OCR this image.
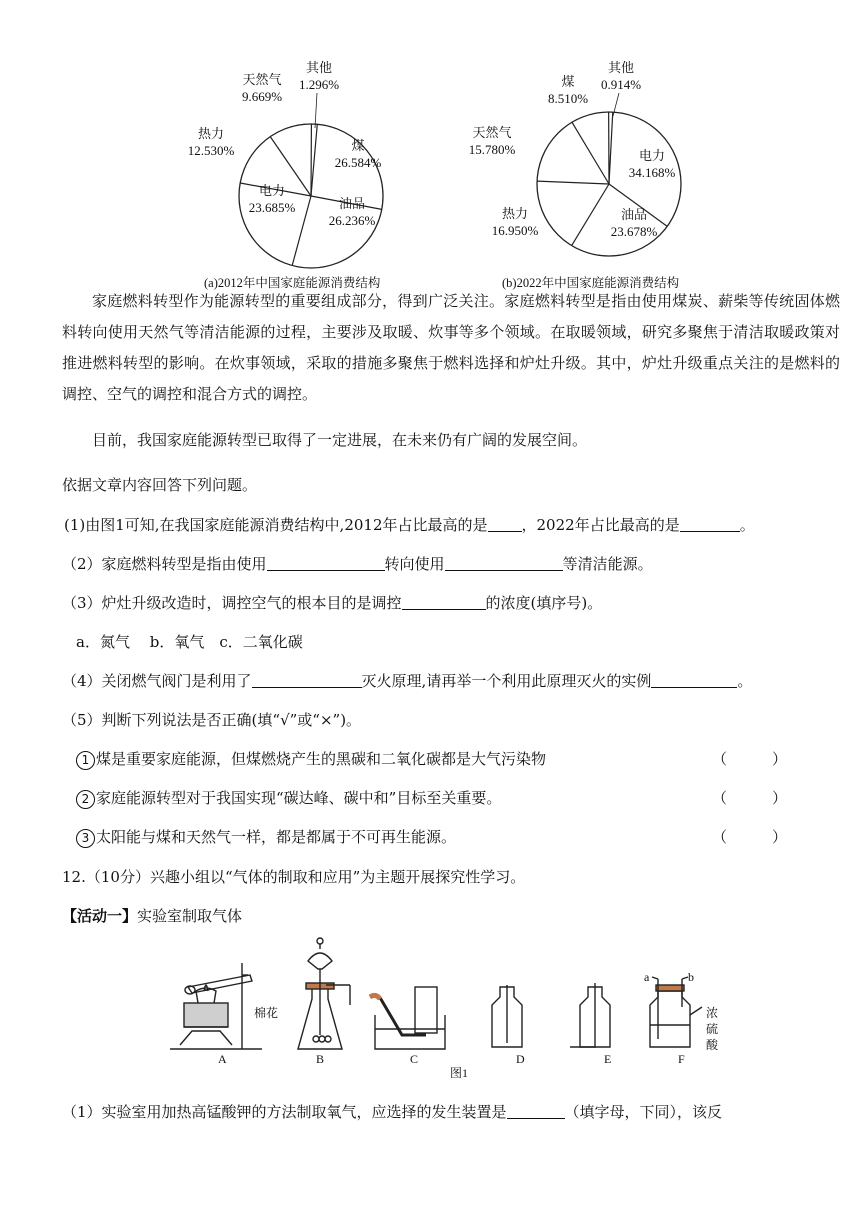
煤
26.584%
油品
26.236%
电力
23.685%
热力
12.530%
天然气
9.669%
其他
1.296%
电力
34.168%
油品
23.678%
热力
16.950%
天然气
15.780%
煤
8.510%
其他
0.914%
(a)2012年中国家庭能源消费结构	(b)2022年中国家庭能源消费结构
家庭燃料转型作为能源转型的重要组成部分，得到广泛关注。家庭燃料转型是指由使用煤炭、薪柴等传统固体燃料转向使用天然气等清洁能源的过程，主要涉及取暖、炊事等多个领域。在取暖领域，研究多聚焦于清洁取暖政策对推进燃料转型的影响。在炊事领域，采取的措施多聚焦于燃料选择和炉灶升级。其中，炉灶升级重点关注的是燃料的调控、空气的调控和混合方式的调控。
目前，我国家庭能源转型已取得了一定进展，在未来仍有广阔的发展空间。
依据文章内容回答下列问题。
(1)由图1可知,在我国家庭能源消费结构中,2012年占比最高的是 ，2022年占比最高的是	。
（2）家庭燃料转型是指由使用	转向使用	等清洁能源。
（3）炉灶升级改造时，调控空气的根本目的是调控	的浓度(填序号)。
a．氮气　 b．氧气　c．二氧化碳
（4）关闭燃气阀门是利用了	灭火原理,请再举一个利用此原理灭火的实例	。
（5）判断下列说法是否正确(填“√”或“×”)。
1 煤是重要家庭能源，但煤燃烧产生的黑碳和二氧化碳都是大气污染物	（　　　）
2 家庭能源转型对于我国实现“碳达峰、碳中和”目标至关重要。	（　　　）
3 太阳能与煤和天然气一样，都是都属于不可再生能源。	（　　　）
12.（10分）兴趣小组以“气体的制取和应用”为主题开展探究性学习。
【活动一】实验室制取气体
棉花
A	B	C	D	E	F
a	b
浓
硫
酸
图1
（1）实验室用加热高锰酸钾的方法制取氧气，应选择的发生装置是	（填字母，下同），该反
